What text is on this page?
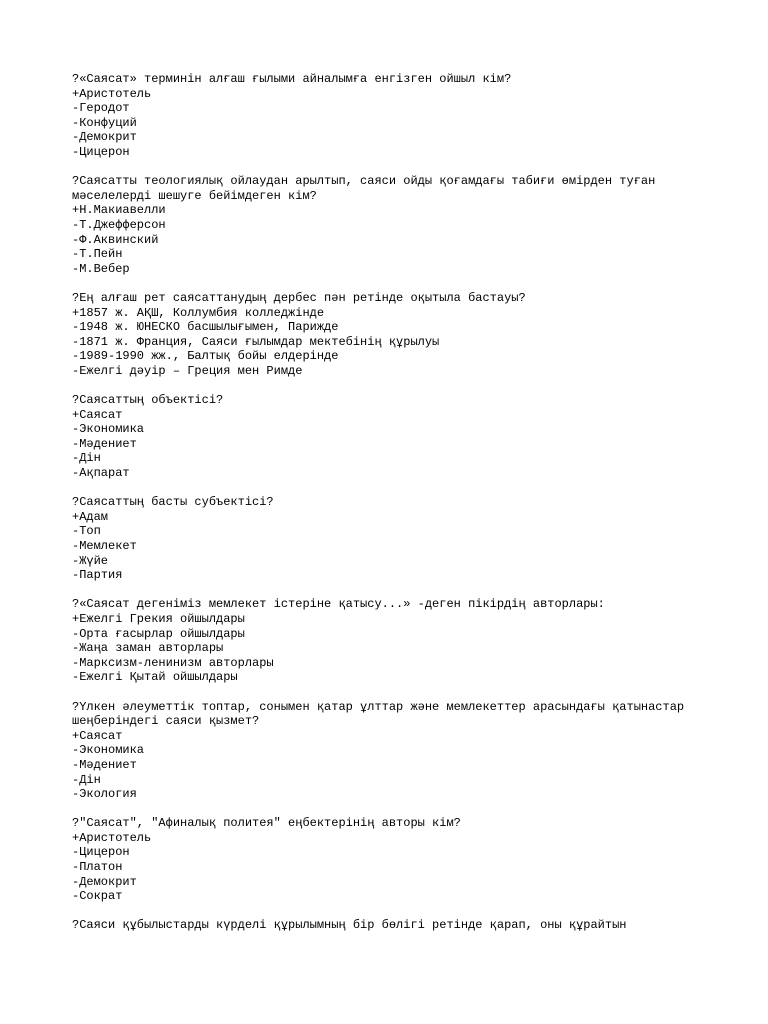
?«Саясат» терминін алғаш ғылыми айналымға енгізген ойшыл кім?
+Аристотель
-Геродот
-Конфуций
-Демокрит
-Цицерон
?Саясатты теологиялық ойлаудан арылтып, саяси ойды қоғамдағы табиғи өмірден туған мәселелерді шешуге бейімдеген кім?
+Н.Макиавелли
-Т.Джефферсон
-Ф.Аквинский
-Т.Пейн
-М.Вебер
?Ең алғаш рет саясаттанудың дербес пән ретінде оқытыла бастауы?
+1857 ж. АҚШ, Коллумбия колледжінде
-1948 ж. ЮНЕСКО басшылығымен, Парижде
-1871 ж. Франция, Саяси ғылымдар мектебінің құрылуы
-1989-1990 жж., Балтық бойы елдерінде
-Ежелгі дәуір – Греция мен Римде
?Саясаттың объектісі?
+Саясат
-Экономика
-Мәдениет
-Дін
-Ақпарат
?Саясаттың басты субъектісі?
+Адам
-Топ
-Мемлекет
-Жүйе
-Партия
?«Саясат дегеніміз мемлекет істеріне қатысу...» -деген пікірдің авторлары:
+Ежелгі Грекия ойшылдары
-Орта ғасырлар ойшылдары
-Жаңа заман авторлары
-Марксизм-ленинизм авторлары
-Ежелгі Қытай ойшылдары
?Үлкен әлеуметтік топтар, сонымен қатар ұлттар және мемлекеттер арасындағы қатынастар шеңберіндегі саяси қызмет?
+Саясат
-Экономика
-Мәдениет
-Дін
-Экология
?"Саясат", "Афиналық политея" еңбектерінің авторы кім?
+Аристотель
-Цицерон
-Платон
-Демокрит
-Сократ
?Саяси құбылыстарды күрделі құрылымның бір бөлігі ретінде қарап, оны құрайтын
